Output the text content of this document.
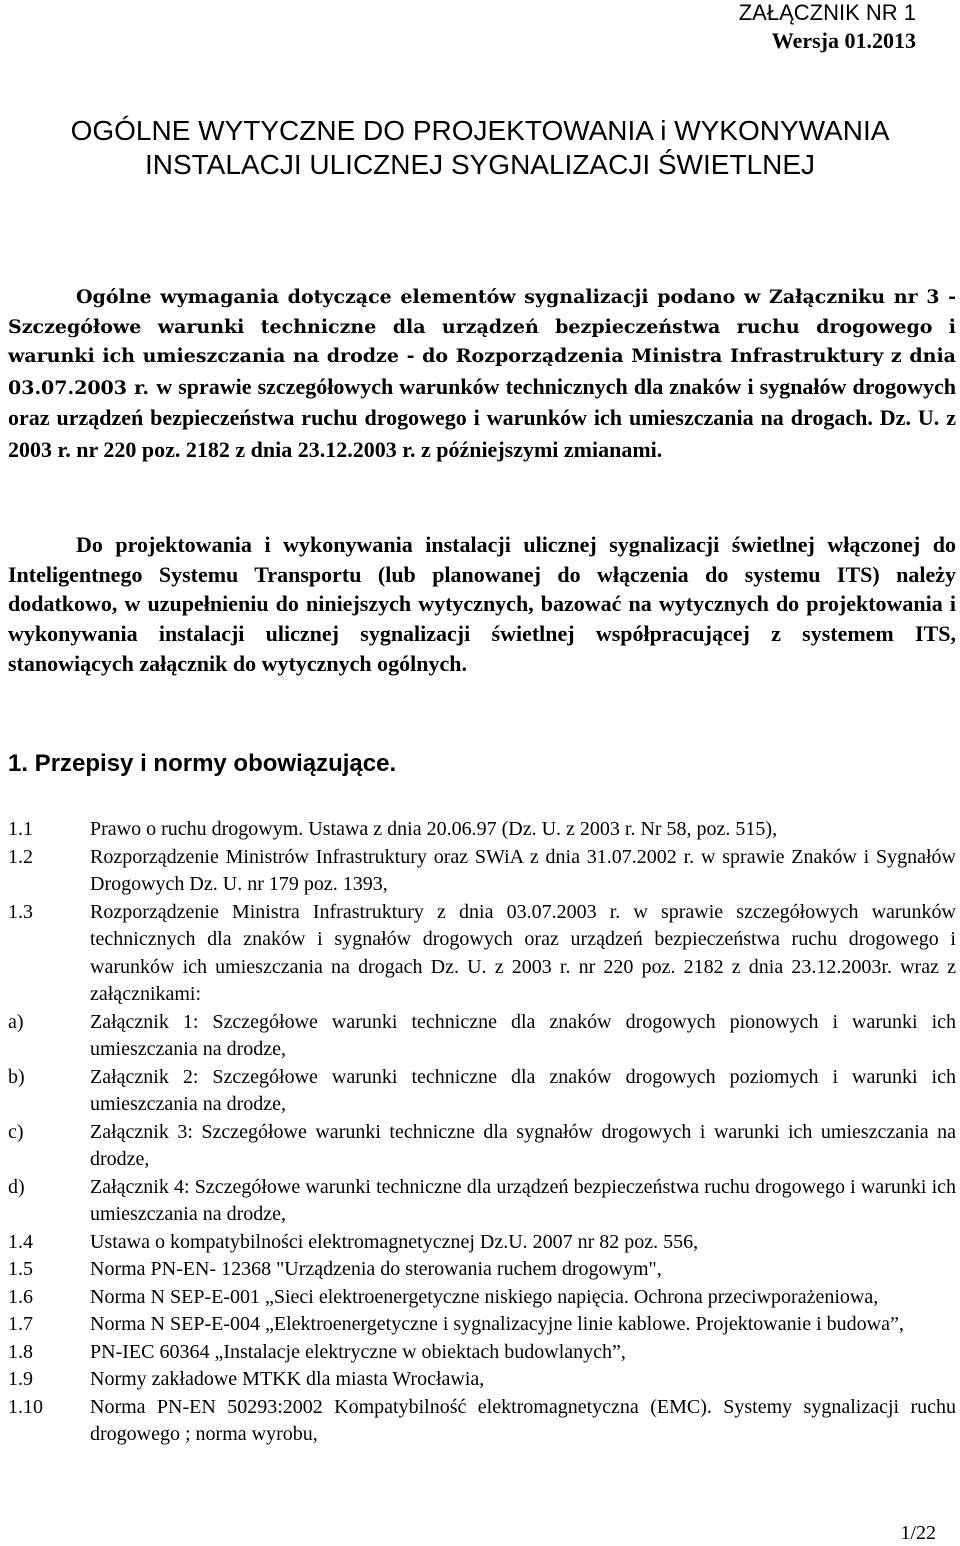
ZAŁĄCZNIK NR 1
Wersja 01.2013
OGÓLNE WYTYCZNE DO PROJEKTOWANIA i WYKONYWANIA
INSTALACJI ULICZNEJ SYGNALIZACJI ŚWIETLNEJ

Ogólne wymagania dotyczące elementów sygnalizacji podano w Załączniku nr 3 - Szczegółowe warunki techniczne dla urządzeń bezpieczeństwa ruchu drogowego i warunki ich umieszczania na drodze - do Rozporządzenia Ministra Infrastruktury z dnia 03.07.2003 r. w sprawie szczegółowych warunków technicznych dla znaków i sygnałów drogowych oraz urządzeń bezpieczeństwa ruchu drogowego i warunków ich umieszczania na drogach. Dz. U. z 2003 r. nr 220 poz. 2182 z dnia 23.12.2003 r. z późniejszymi zmianami.

Do projektowania i wykonywania instalacji ulicznej sygnalizacji świetlnej włączonej do Inteligentnego Systemu Transportu (lub planowanej do włączenia do systemu ITS) należy dodatkowo, w uzupełnieniu do niniejszych wytycznych, bazować na wytycznych do projektowania i wykonywania instalacji ulicznej sygnalizacji świetlnej współpracującej z systemem ITS, stanowiących załącznik do wytycznych ogólnych.

1. Przepisy i normy obowiązujące.
1.1	Prawo o ruchu drogowym. Ustawa z dnia 20.06.97 (Dz. U. z 2003 r. Nr 58, poz. 515),
1.2	Rozporządzenie Ministrów Infrastruktury oraz SWiA z dnia 31.07.2002 r. w sprawie Znaków i Sygnałów Drogowych Dz. U. nr 179 poz. 1393,
1.3	Rozporządzenie Ministra Infrastruktury z dnia 03.07.2003 r. w sprawie szczegółowych warunków technicznych dla znaków i sygnałów drogowych oraz urządzeń bezpieczeństwa ruchu drogowego i warunków ich umieszczania na drogach Dz. U. z 2003 r. nr 220 poz. 2182 z dnia 23.12.2003r. wraz z załącznikami:
a)	Załącznik 1: Szczegółowe warunki techniczne dla znaków drogowych pionowych i warunki ich umieszczania na drodze,
b)	Załącznik 2: Szczegółowe warunki techniczne dla znaków drogowych poziomych i warunki ich umieszczania na drodze,
c)	Załącznik 3: Szczegółowe warunki techniczne dla sygnałów drogowych i warunki ich umieszczania na drodze,
d)	Załącznik 4: Szczegółowe warunki techniczne dla urządzeń bezpieczeństwa ruchu drogowego i warunki ich umieszczania na drodze,
1.4	Ustawa o kompatybilności elektromagnetycznej Dz.U. 2007 nr 82 poz. 556,
1.5	Norma PN-EN- 12368 "Urządzenia do sterowania ruchem drogowym",
1.6	Norma N SEP-E-001 „Sieci elektroenergetyczne niskiego napięcia. Ochrona przeciwporażeniowa,
1.7	Norma N SEP-E-004 „Elektroenergetyczne i sygnalizacyjne linie kablowe. Projektowanie i budowa”,
1.8	PN-IEC 60364 „Instalacje elektryczne w obiektach budowlanych”,
1.9	Normy zakładowe MTKK dla miasta Wrocławia,
1.10	Norma PN-EN 50293:2002 Kompatybilność elektromagnetyczna (EMC). Systemy sygnalizacji ruchu drogowego ; norma wyrobu,
1/22
